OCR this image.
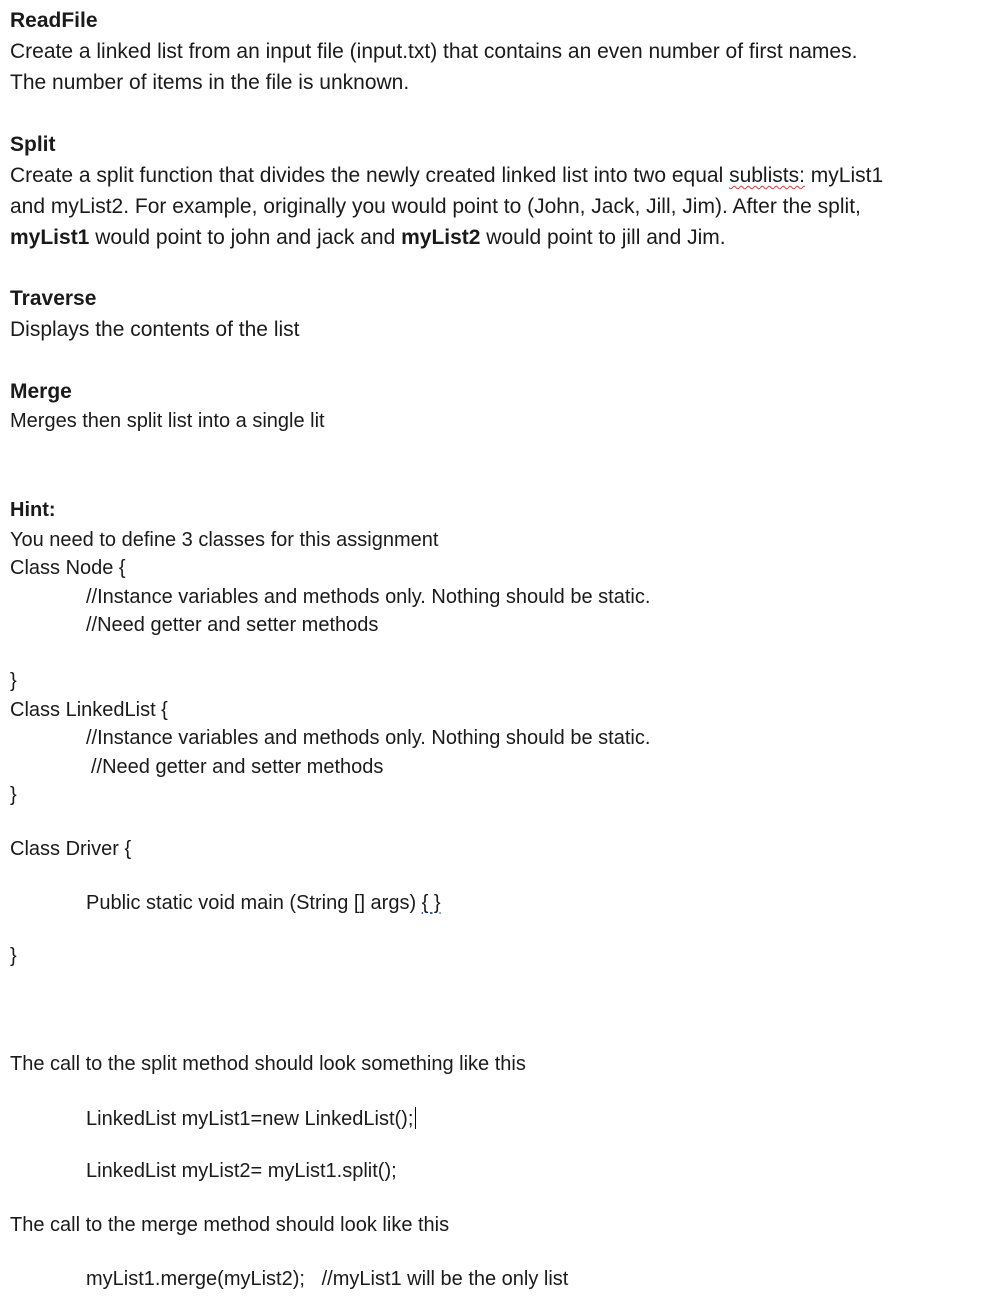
ReadFile
Create a linked list from an input file (input.txt) that contains an even number of first names.
The number of items in the file is unknown.
Split
Create a split function that divides the newly created linked list into two equal sublists: myList1
and myList2. For example, originally you would point to (John, Jack, Jill, Jim). After the split,
myList1 would point to john and jack and myList2 would point to jill and Jim.
Traverse
Displays the contents of the list
Merge
Merges then split list into a single lit
Hint:
You need to define 3 classes for this assignment
Class Node {
//Instance variables and methods only. Nothing should be static.
//Need getter and setter methods
}
Class LinkedList {
//Instance variables and methods only. Nothing should be static.
//Need getter and setter methods
}
Class Driver {
Public static void main (String [] args) { }
}
The call to the split method should look something like this
LinkedList myList1=new LinkedList();
LinkedList myList2= myList1.split();
The call to the merge method should look like this
myList1.merge(myList2);   //myList1 will be the only list
